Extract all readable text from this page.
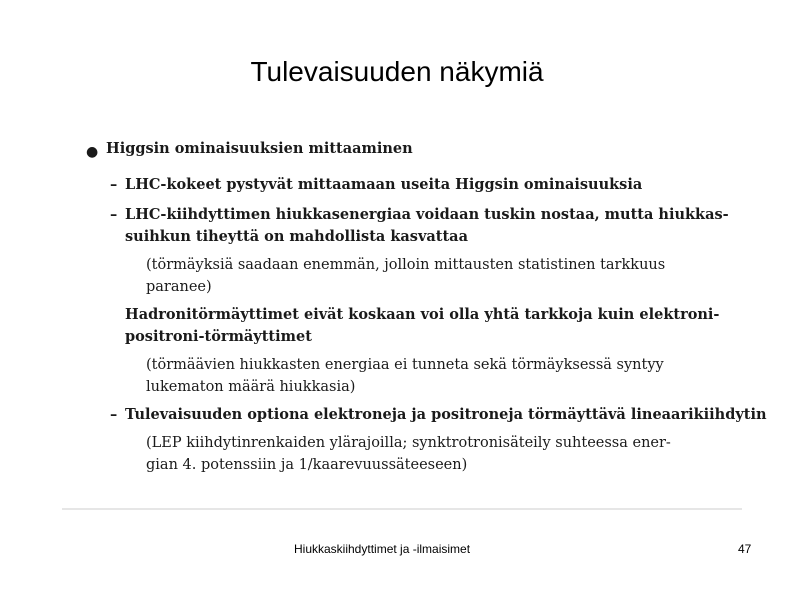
Tulevaisuuden näkymiä
● Higgsin ominaisuuksien mittaaminen
– LHC-kokeet pystyvät mittaamaan useita Higgsin ominaisuuksia
– LHC-kiihdyttimen hiukkasenergiaa voidaan tuskin nostaa, mutta hiukkas-
suihkun tiheyttä on mahdollista kasvattaa
(törmäyksiä saadaan enemmän, jolloin mittausten statistinen tarkkuus
paranee)
Hadronitörmäyttimet eivät koskaan voi olla yhtä tarkkoja kuin elektroni-
positroni-törmäyttimet
(törmäävien hiukkasten energiaa ei tunneta sekä törmäyksessä syntyy
lukematon määrä hiukkasia)
– Tulevaisuuden optiona elektroneja ja positroneja törmäyttävä lineaarikiihdytin
(LEP kiihdytinrenkaiden ylärajoilla; synktrotronisäteily suhteessa ener-
gian 4. potenssiin ja 1/kaarevuussäteeseen)
Hiukkaskiihdyttimet ja -ilmaisimet	47
